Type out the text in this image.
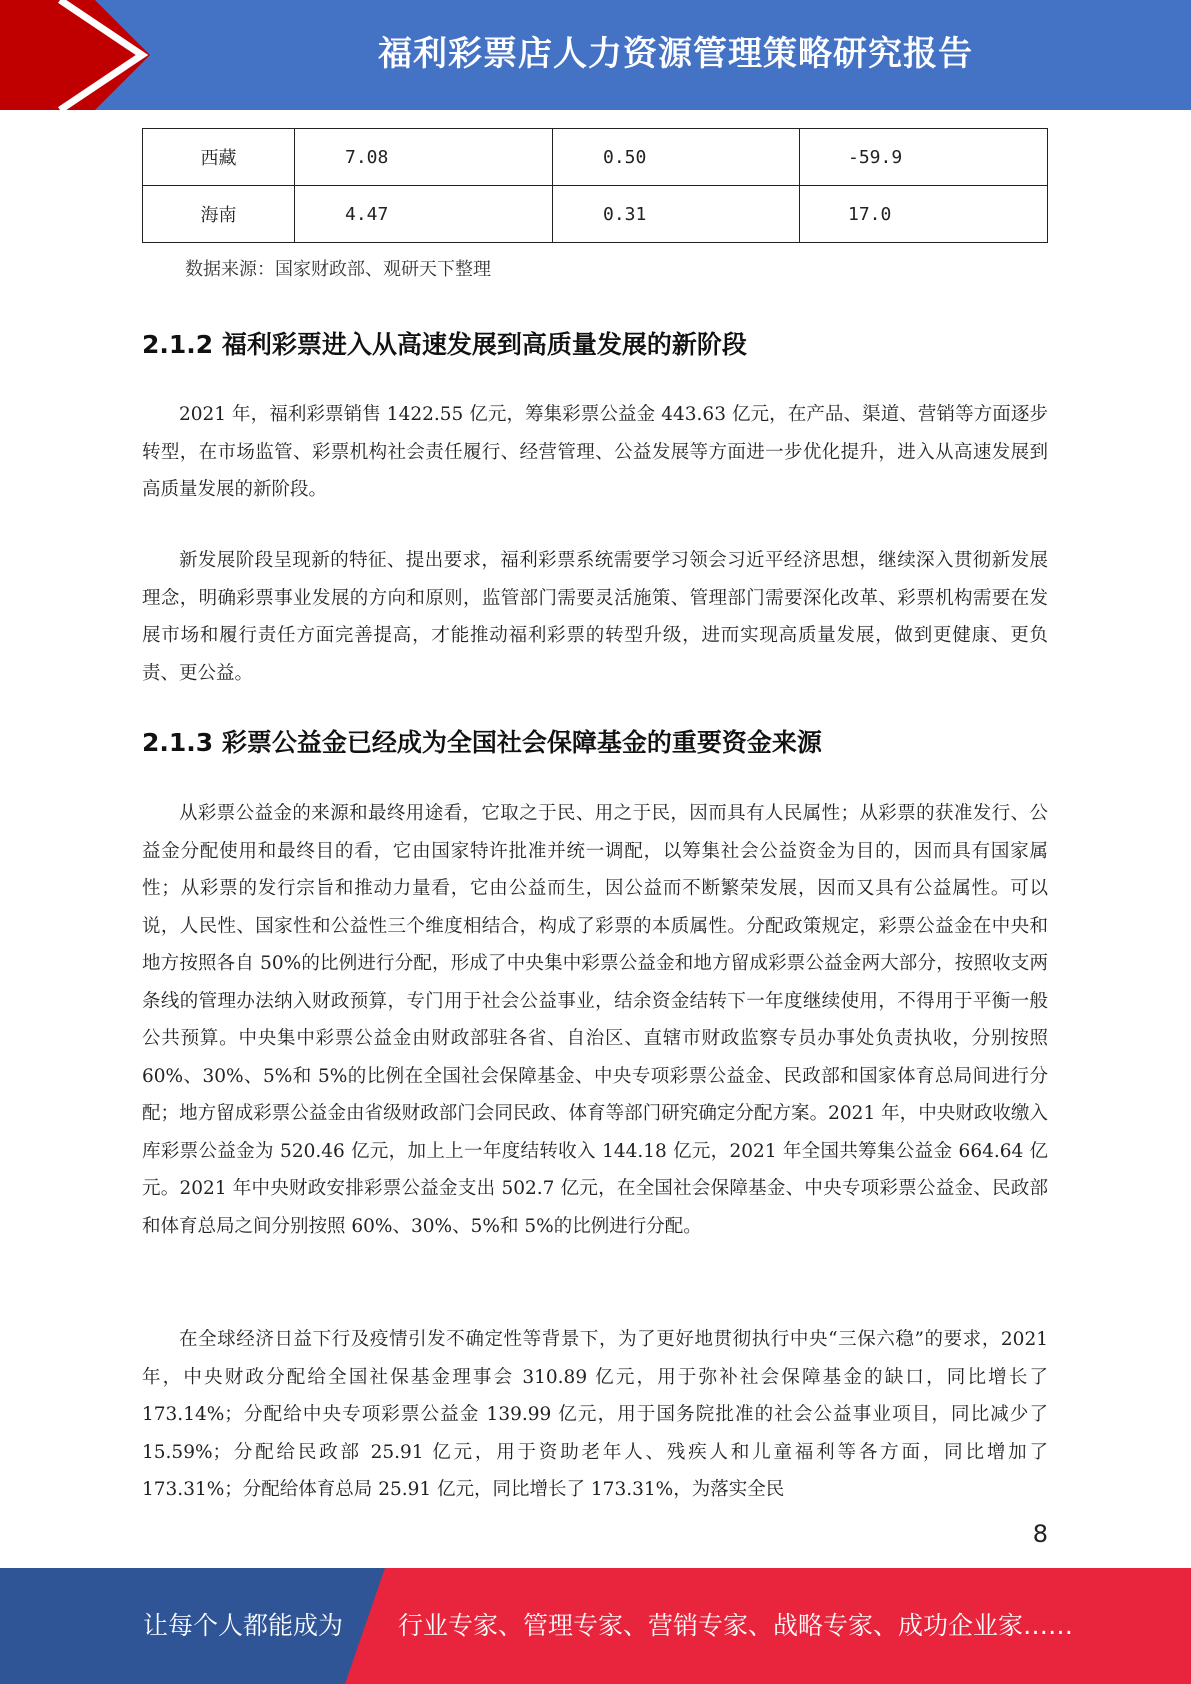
福利彩票店人力资源管理策略研究报告
西藏	7.08	0.50	-59.9
海南	4.47	0.31	17.0
数据来源：国家财政部、观研天下整理
2.1.2 福利彩票进入从高速发展到高质量发展的新阶段

2021 年，福利彩票销售 1422.55 亿元，筹集彩票公益金 443.63 亿元，在产品、渠道、营销等方面逐步转型，在市场监管、彩票机构社会责任履行、经营管理、公益发展等方面进一步优化提升，进入从高速发展到高质量发展的新阶段。

新发展阶段呈现新的特征、提出要求，福利彩票系统需要学习领会习近平经济思想，继续深入贯彻新发展理念，明确彩票事业发展的方向和原则，监管部门需要灵活施策、管理部门需要深化改革、彩票机构需要在发展市场和履行责任方面完善提高，才能推动福利彩票的转型升级，进而实现高质量发展，做到更健康、更负责、更公益。

2.1.3 彩票公益金已经成为全国社会保障基金的重要资金来源

从彩票公益金的来源和最终用途看，它取之于民、用之于民，因而具有人民属性；从彩票的获准发行、公益金分配使用和最终目的看，它由国家特许批准并统一调配，以筹集社会公益资金为目的，因而具有国家属性；从彩票的发行宗旨和推动力量看，它由公益而生，因公益而不断繁荣发展，因而又具有公益属性。可以说，人民性、国家性和公益性三个维度相结合，构成了彩票的本质属性。分配政策规定，彩票公益金在中央和地方按照各自 50%的比例进行分配，形成了中央集中彩票公益金和地方留成彩票公益金两大部分，按照收支两条线的管理办法纳入财政预算，专门用于社会公益事业，结余资金结转下一年度继续使用，不得用于平衡一般公共预算。中央集中彩票公益金由财政部驻各省、自治区、直辖市财政监察专员办事处负责执收，分别按照 60%、30%、5%和 5%的比例在全国社会保障基金、中央专项彩票公益金、民政部和国家体育总局间进行分配；地方留成彩票公益金由省级财政部门会同民政、体育等部门研究确定分配方案。2021 年，中央财政收缴入库彩票公益金为 520.46 亿元，加上上一年度结转收入 144.18 亿元，2021 年全国共筹集公益金 664.64 亿元。2021 年中央财政安排彩票公益金支出 502.7 亿元，在全国社会保障基金、中央专项彩票公益金、民政部和体育总局之间分别按照 60%、30%、5%和 5%的比例进行分配。

在全球经济日益下行及疫情引发不确定性等背景下，为了更好地贯彻执行中央“三保六稳”的要求，2021 年，中央财政分配给全国社保基金理事会 310.89 亿元，用于弥补社会保障基金的缺口，同比增长了 173.14%；分配给中央专项彩票公益金 139.99 亿元，用于国务院批准的社会公益事业项目，同比减少了 15.59%；分配给民政部 25.91 亿元，用于资助老年人、残疾人和儿童福利等各方面，同比增加了 173.31%；分配给体育总局 25.91 亿元，同比增长了 173.31%，为落实全民

8
让每个人都能成为 行业专家、管理专家、营销专家、战略专家、成功企业家……
